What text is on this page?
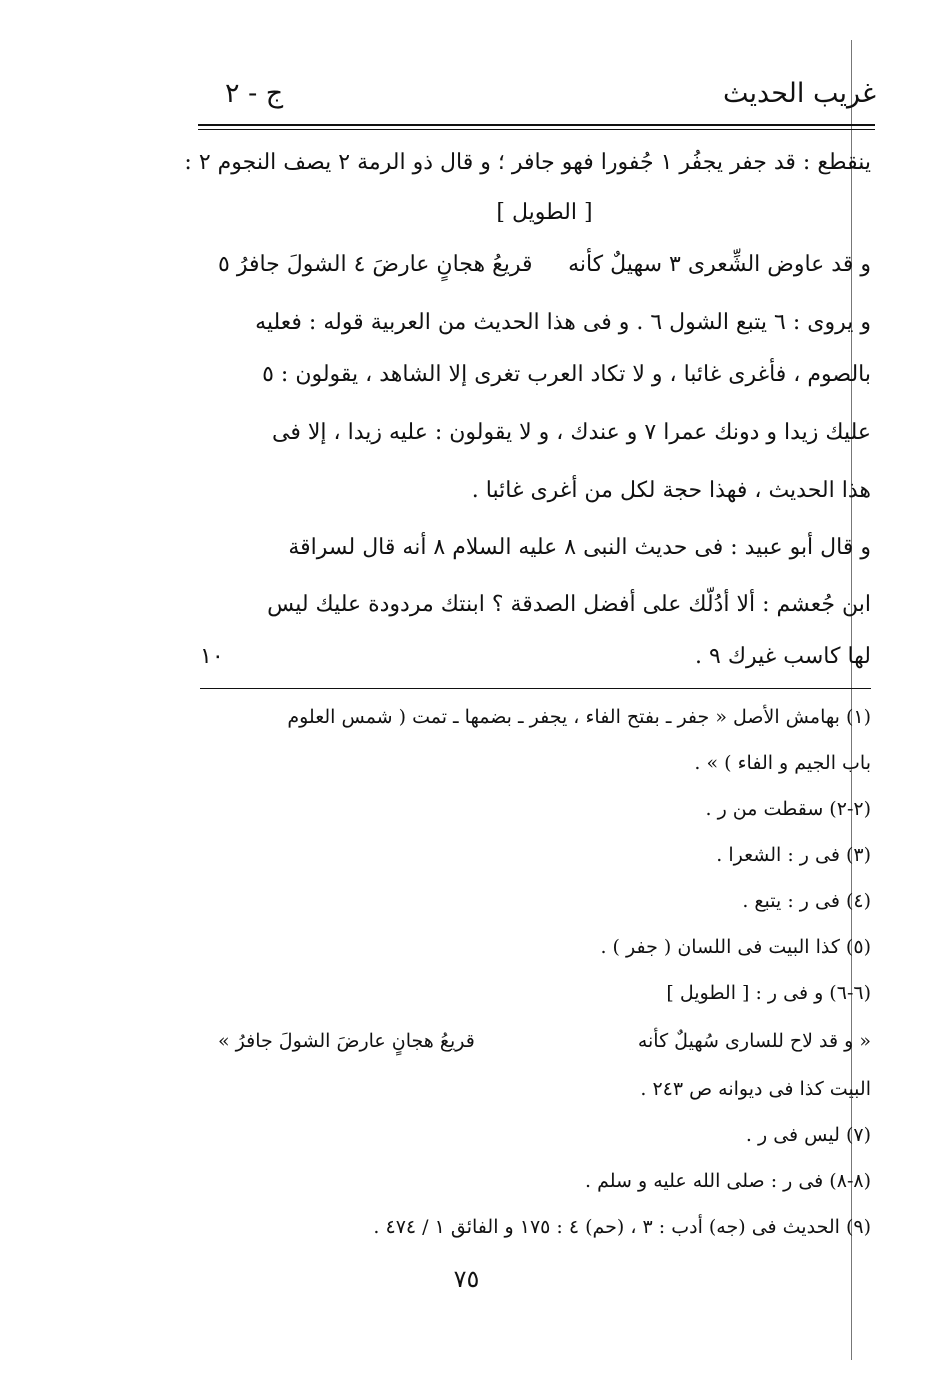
غريب الحديث
ج - ٢
ينقطع : قد جفر يجفُر ١ جُفورا فهو جافر ؛ و قال ذو الرمة ٢ يصف النجوم ٢ :
[ الطويل ]
و قد عاوض الشِّعرى ٣ سهيلٌ كأنه
قريعُ هجانٍ عارضَ ٤ الشولَ جافرُ ٥
و يروى : ٦ يتبع الشول ٦ . و فى هذا الحديث من العربية قوله : فعليه
بالصوم ، فأغرى غائبا ، و لا تكاد العرب تغرى إلا الشاهد ، يقولون : ٥
عليك زيدا و دونك عمرا ٧ و عندك ، و لا يقولون : عليه زيدا ، إلا فى
هذا الحديث ، فهذا حجة لكل من أغرى غائبا .
و قال أبو عبيد : فى حديث النبى ٨ عليه السلام ٨ أنه قال لسراقة
ابن جُعشم : ألا أدُلّك على أفضل الصدقة ؟ ابنتك مردودة عليك ليس
لها كاسب غيرك ٩ .
١٠
(١) بهامش الأصل « جفر ـ بفتح الفاء ، يجفر ـ بضمها ـ تمت ( شمس العلوم
باب الجيم و الفاء ) » .
(٢-٢) سقطت من ر .
(٣) فى ر : الشعرا .
(٤) فى ر : يتبع .
(٥) كذا البيت فى اللسان ( جفر ) .
(٦-٦) و فى ر : [ الطويل ]
« و قد لاح للسارى سُهيلٌ كأنه
قريعُ هجانٍ عارضَ الشولَ جافرُ »
البيت كذا فى ديوانه ص ٢٤٣ .
(٧) ليس فى ر .
(٨-٨) فى ر : صلى الله عليه و سلم .
(٩) الحديث فى (جه) أدب : ٣ ، (حم) ٤ : ١٧٥ و الفائق ١ / ٤٧٤ .
٧٥
